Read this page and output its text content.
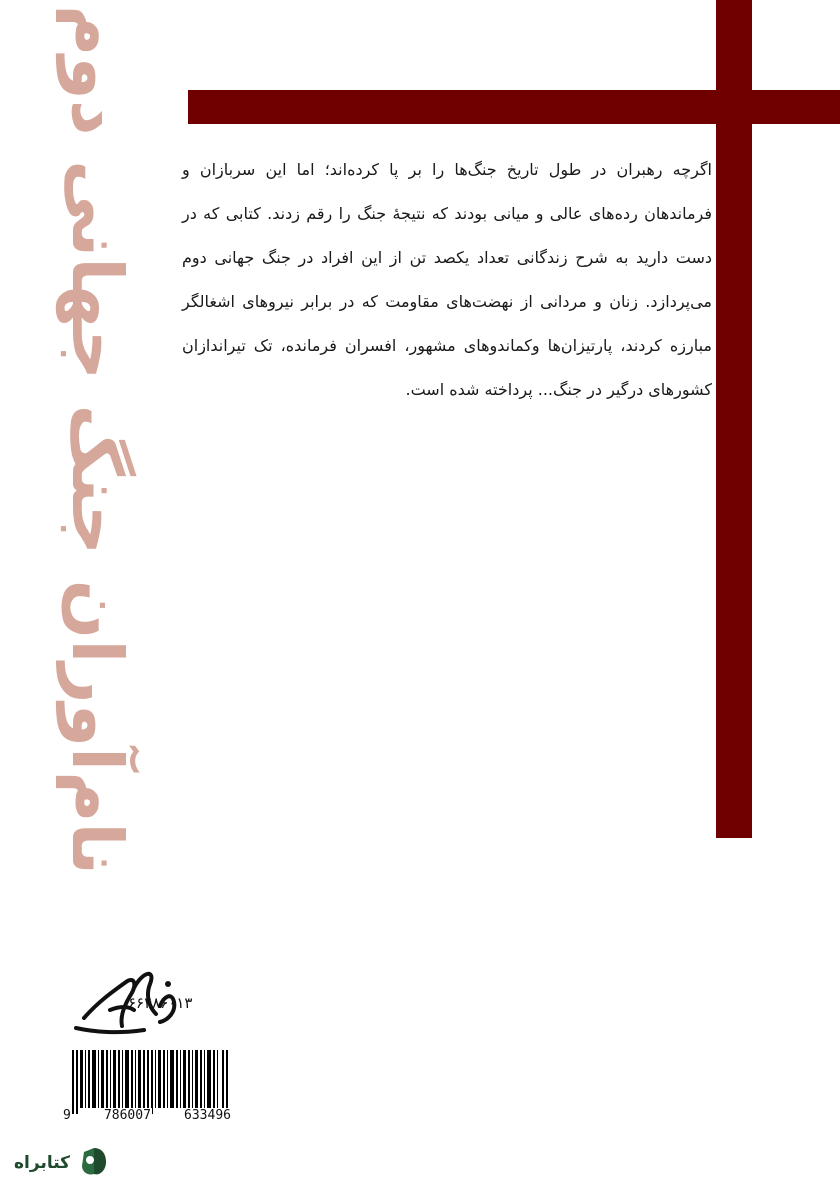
نام‌آوران جنگ جهانی دوم	اگرچه رهبران در طول تاریخ جنگ‌ها را بر پا کرده‌اند؛ اما این سربازان و فرماندهان رده‌های عالی و میانی بودند که نتیجهٔ جنگ را رقم زدند. کتابی که در دست دارید به شرح زندگانی تعداد یکصد تن از این افراد در جنگ جهانی دوم می‌پردازد. زنان و مردانی از نهضت‌های مقاومت که در برابر نیروهای اشغالگر مبارزه کردند، پارتیزان‌ها وکماندوهای مشهور، افسران فرمانده، تک تیراندازان کشورهای درگیر در جنگ... پرداخته شده است.

۶۶۴۸۶۰۱۳
9	786007	633496
کتابراه
